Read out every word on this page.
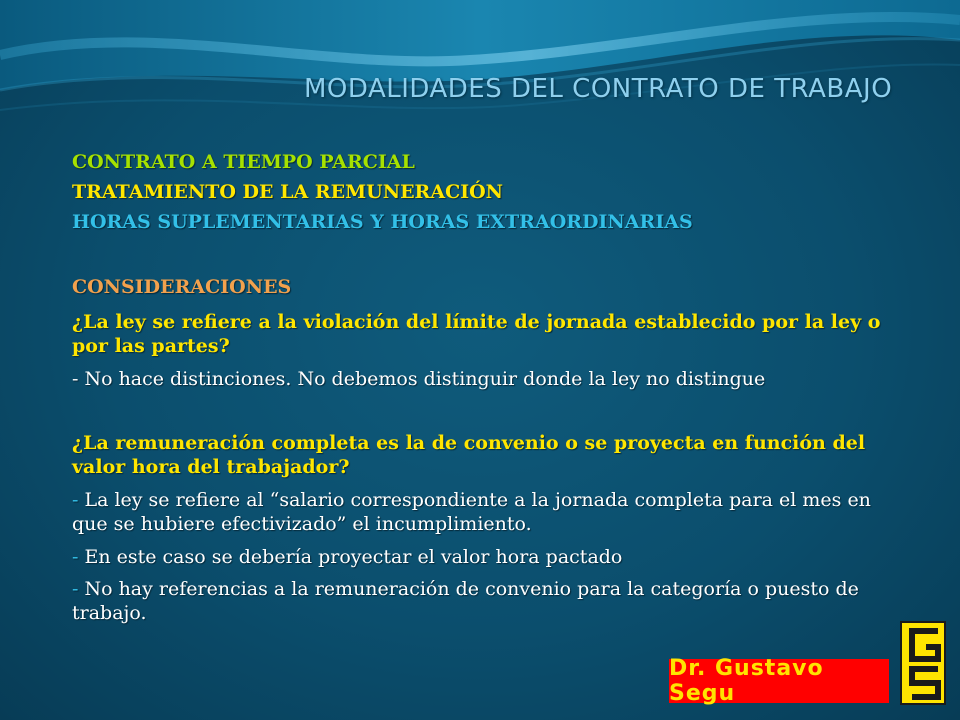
MODALIDADES DEL CONTRATO DE TRABAJO

CONTRATO A TIEMPO PARCIAL

TRATAMIENTO DE LA REMUNERACIÓN

HORAS SUPLEMENTARIAS Y HORAS EXTRAORDINARIAS

CONSIDERACIONES

¿La ley se refiere a la violación del límite de jornada establecido por la ley o por las partes?

- No hace distinciones. No debemos distinguir donde la ley no distingue

¿La remuneración completa es la de convenio o se proyecta en función del valor hora del trabajador?

- La ley se refiere al “salario correspondiente a la jornada completa para el mes en que se hubiere efectivizado” el incumplimiento.

- En este caso se debería proyectar el valor hora pactado

- No hay referencias a la remuneración de convenio para la categoría o puesto de trabajo.

Dr. Gustavo Segu
